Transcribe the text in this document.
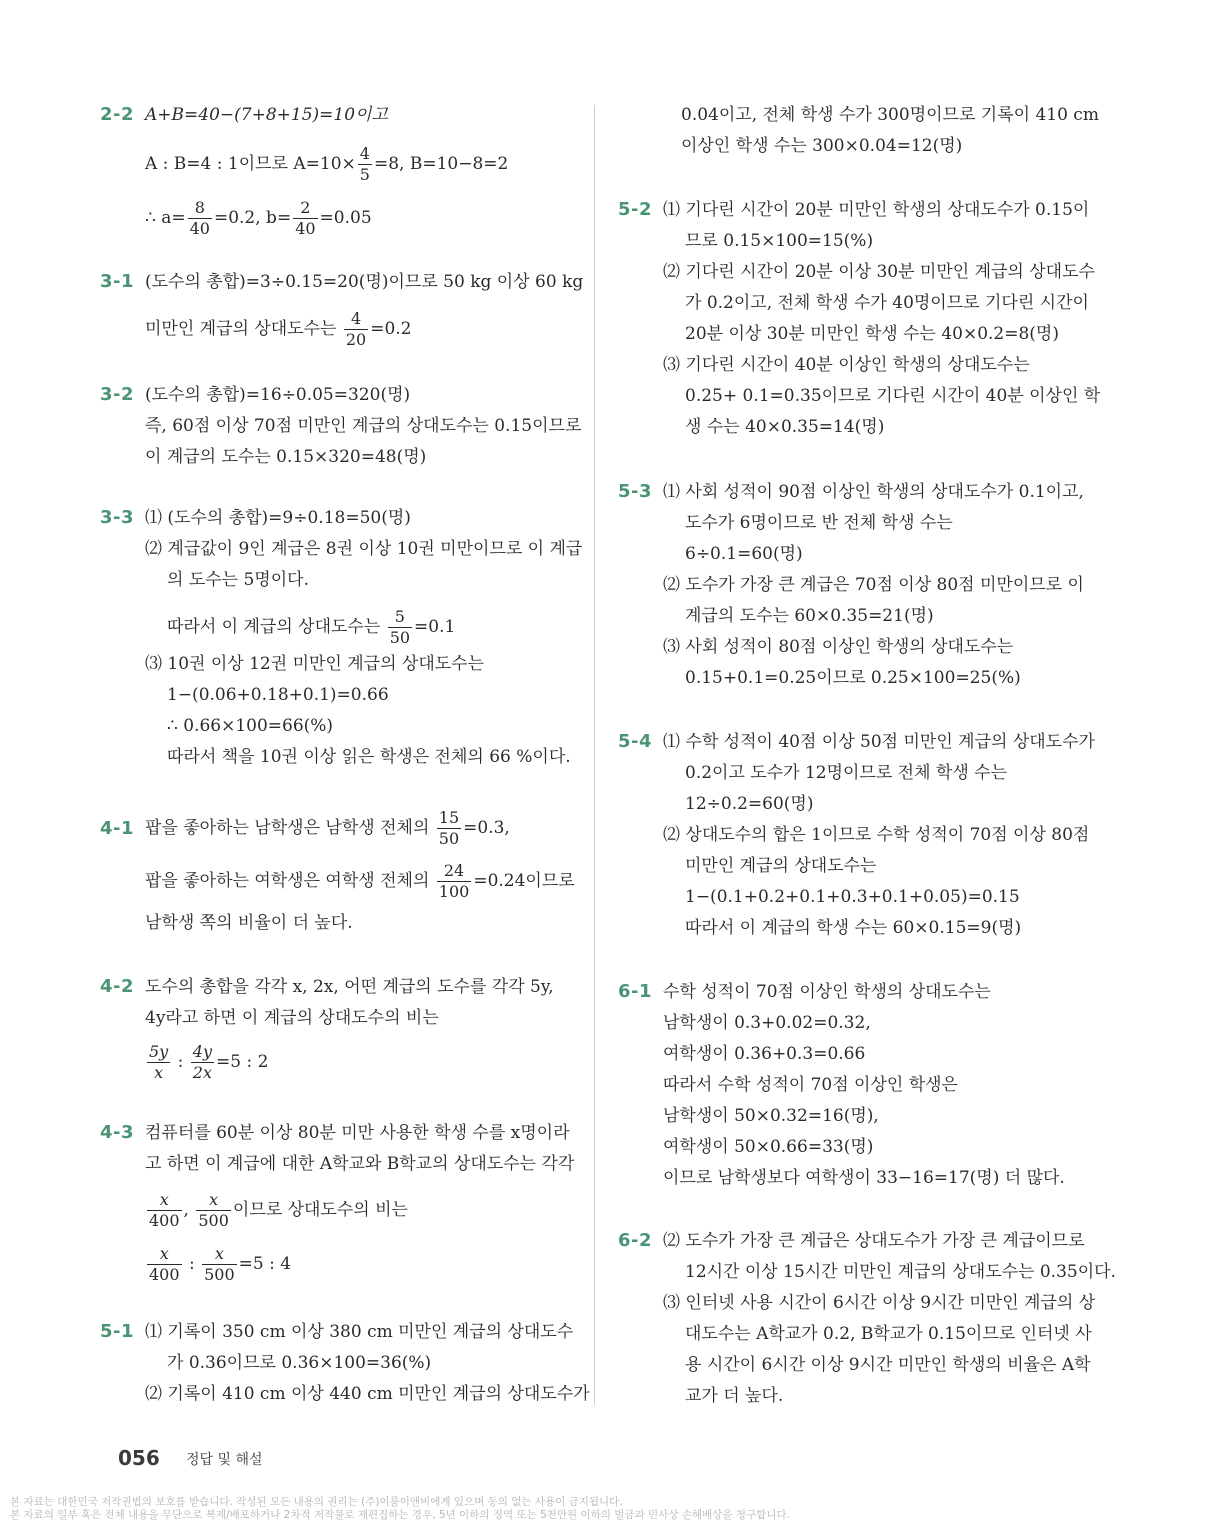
2-2 A+B=40−(7+8+15)=10이고
A : B=4 : 1이므로 $A=10\times \frac{4}{5} =8$, B=10−8=2
∴ $a= \frac{8}{40} =0.2$, $b= \frac{2}{40} =0.05$
3-1 (도수의 총합)=3÷0.15=20(명)이므로 50 kg 이상 60 kg
미만인 계급의 상대도수는 $\frac{4}{20} =0.2$
3-2 (도수의 총합)=16÷0.05=320(명)
즉, 60점 이상 70점 미만인 계급의 상대도수는 0.15이므로
이 계급의 도수는 0.15×320=48(명)
3-3 ⑴ (도수의 총합)=9÷0.18=50(명)
⑵ 계급값이 9인 계급은 8권 이상 10권 미만이므로 이 계급
의 도수는 5명이다.
따라서 이 계급의 상대도수는 $\frac{5}{50} =0.1$
⑶ 10권 이상 12권 미만인 계급의 상대도수는
1−(0.06+0.18+0.1)=0.66
∴ 0.66×100=66(%)
따라서 책을 10권 이상 읽은 학생은 전체의 66 %이다.
4-1 팝을 좋아하는 남학생은 남학생 전체의 $\frac{15}{50} =0.3$,
팝을 좋아하는 여학생은 여학생 전체의 $\frac{24}{100} =0.24$이므로
남학생 쪽의 비율이 더 높다.
4-2 도수의 총합을 각각 x, 2x, 어떤 계급의 도수를 각각 5y,
4y라고 하면 이 계급의 상대도수의 비는
$\frac{5y}{x}$ : $\frac{4y}{2x} =5$ : 2
4-3 컴퓨터를 60분 이상 80분 미만 사용한 학생 수를 x명이라
고 하면 이 계급에 대한 A학교와 B학교의 상대도수는 각각
$\frac{x}{400}$ , $\frac{x}{500}$ 이므로 상대도수의 비는
$\frac{x}{400}$ : $\frac{x}{500} =5$ : 4
5-1 ⑴ 기록이 350 cm 이상 380 cm 미만인 계급의 상대도수
가 0.36이므로 0.36×100=36(%)
⑵ 기록이 410 cm 이상 440 cm 미만인 계급의 상대도수가
0.04이고, 전체 학생 수가 300명이므로 기록이 410 cm
이상인 학생 수는 300×0.04=12(명)
5-2 ⑴ 기다린 시간이 20분 미만인 학생의 상대도수가 0.15이
므로 0.15×100=15(%)
⑵ 기다린 시간이 20분 이상 30분 미만인 계급의 상대도수
가 0.2이고, 전체 학생 수가 40명이므로 기다린 시간이
20분 이상 30분 미만인 학생 수는 40×0.2=8(명)
⑶ 기다린 시간이 40분 이상인 학생의 상대도수는
0.25+ 0.1=0.35이므로 기다린 시간이 40분 이상인 학
생 수는 40×0.35=14(명)
5-3 ⑴ 사회 성적이 90점 이상인 학생의 상대도수가 0.1이고,
도수가 6명이므로 반 전체 학생 수는
6÷0.1=60(명)
⑵ 도수가 가장 큰 계급은 70점 이상 80점 미만이므로 이
계급의 도수는 60×0.35=21(명)
⑶ 사회 성적이 80점 이상인 학생의 상대도수는
0.15+0.1=0.25이므로 0.25×100=25(%)
5-4 ⑴ 수학 성적이 40점 이상 50점 미만인 계급의 상대도수가
0.2이고 도수가 12명이므로 전체 학생 수는
12÷0.2=60(명)
⑵ 상대도수의 합은 1이므로 수학 성적이 70점 이상 80점
미만인 계급의 상대도수는
1−(0.1+0.2+0.1+0.3+0.1+0.05)=0.15
따라서 이 계급의 학생 수는 60×0.15=9(명)
6-1 수학 성적이 70점 이상인 학생의 상대도수는
남학생이 0.3+0.02=0.32,
여학생이 0.36+0.3=0.66
따라서 수학 성적이 70점 이상인 학생은
남학생이 50×0.32=16(명),
여학생이 50×0.66=33(명)
이므로 남학생보다 여학생이 33−16=17(명) 더 많다.
6-2 ⑵ 도수가 가장 큰 계급은 상대도수가 가장 큰 계급이므로
12시간 이상 15시간 미만인 계급의 상대도수는 0.35이다.
⑶ 인터넷 사용 시간이 6시간 이상 9시간 미만인 계급의 상
대도수는 A학교가 0.2, B학교가 0.15이므로 인터넷 사
용 시간이 6시간 이상 9시간 미만인 학생의 비율은 A학
교가 더 높다.
056 정답 및 해설
본 자료는 대한민국 저작권법의 보호를 받습니다. 작성된 모든 내용의 권리는 (주)이룸이앤비에게 있으며 동의 없는 사용이 금지됩니다.
본 자료의 일부 혹은 전체 내용을 무단으로 복제/배포하거나 2차적 저작물로 재편집하는 경우, 5년 이하의 징역 또는 5천만원 이하의 벌금과 민사상 손해배상을 청구합니다.
